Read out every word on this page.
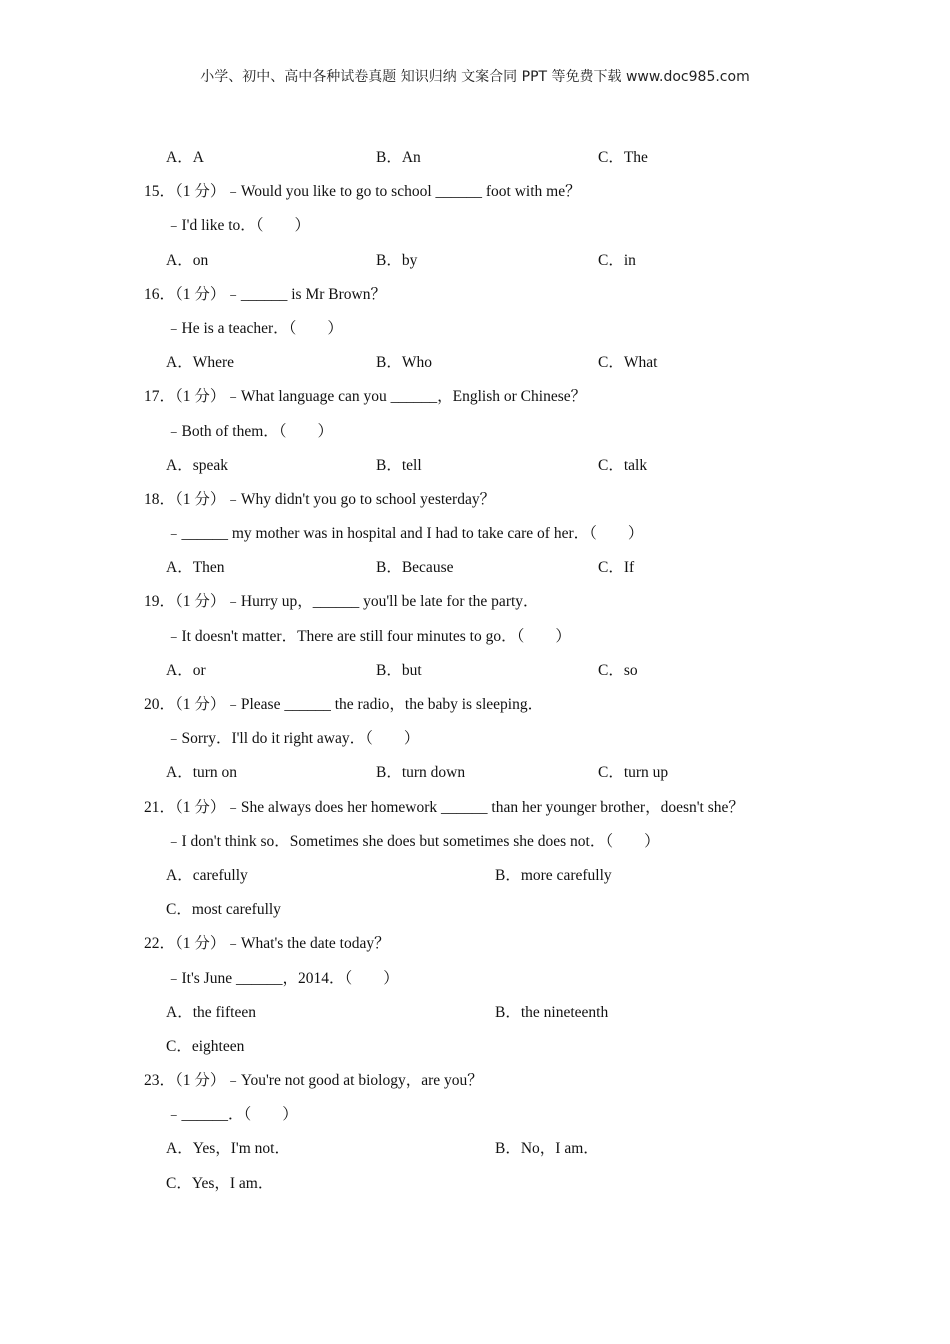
小学、初中、高中各种试卷真题 知识归纳 文案合同 PPT 等免费下载 www.doc985.com
A．A	B．An	C．The
15．（1 分）﹣Would you like to go to school ______ foot with me？
﹣I'd like to．（　　）
A．on	B．by	C．in
16．（1 分）﹣______ is Mr Brown？
﹣He is a teacher．（　　）
A．Where	B．Who	C．What
17．（1 分）﹣What language can you ______，English or Chinese？
﹣Both of them．（　　）
A．speak	B．tell	C．talk
18．（1 分）﹣Why didn't you go to school yesterday？
﹣______ my mother was in hospital and I had to take care of her．（　　）
A．Then	B．Because	C．If
19．（1 分）﹣Hurry up，______ you'll be late for the party．
﹣It doesn't matter．There are still four minutes to go．（　　）
A．or	B．but	C．so
20．（1 分）﹣Please ______ the radio，the baby is sleeping．
﹣Sorry．I'll do it right away．（　　）
A．turn on	B．turn down	C．turn up
21．（1 分）﹣She always does her homework ______ than her younger brother，doesn't she？
﹣I don't think so．Sometimes she does but sometimes she does not．（　　）
A．carefully	B．more carefully
C．most carefully
22．（1 分）﹣What's the date today？
﹣It's June ______，2014．（　　）
A．the fifteen	B．the nineteenth
C．eighteen
23．（1 分）﹣You're not good at biology，are you？
﹣______．（　　）
A．Yes，I'm not．	B．No，I am．
C．Yes，I am．
